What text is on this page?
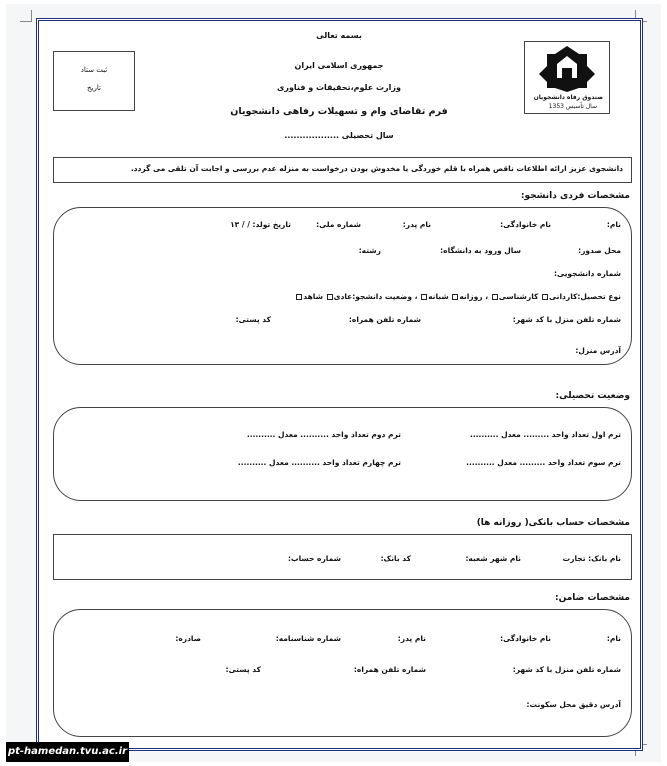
بسمه تعالی
جمهوری اسلامی ایران
وزارت علوم،تحقیقات و فناوری
فرم تقاضای وام و تسهیلات رفاهی دانشجویان
سال تحصیلی ..................
صندوق رفاه دانشجویان
سال تأسیس 1353
ثبت ستاد
تاریخ
دانشجوی عزیز ارائه اطلاعات ناقص همراه با قلم خوردگی یا مخدوش بودن درخواست به منزله عدم بررسی و اجابت آن تلقی می گردد.
مشخصات فردی دانشجو:
نام:
نام خانوادگی:
نام پدر:
شماره ملی:
تاریخ تولد: / / ۱۳
محل صدور:
سال ورود به دانشگاه:
رشته:
شماره دانشجویی:
نوع تحصیل:کاردانی کارشناسی ، روزانه شبانه ، وضعیت دانشجو:عادی شاهد
شماره تلفن منزل با کد شهر:
شماره تلفن همراه:
کد پستی:
آدرس منزل:
وضعیت تحصیلی:
ترم اول تعداد واحد ......... معدل ..........
ترم دوم تعداد واحد .......... معدل ..........
ترم سوم تعداد واحد ......... معدل ..........
ترم چهارم تعداد واحد .......... معدل ..........
مشخصات حساب بانکی( روزانه ها)
نام بانک: تجارت
نام شهر شعبه:
کد بانک:
شماره حساب:
مشخصات ضامن:
نام:
نام خانوادگی:
نام پدر:
شماره شناسنامه:
صادره:
شماره تلفن منزل با کد شهر:
شماره تلفن همراه:
کد پستی:
آدرس دقیق محل سکونت:
pt-hamedan.tvu.ac.ir
